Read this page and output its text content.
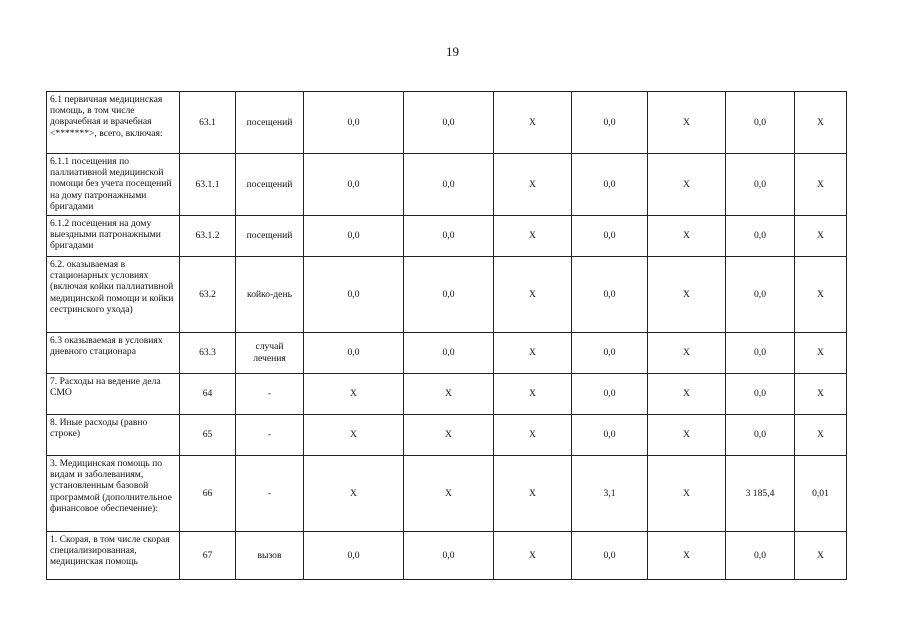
19
6.1 первичная медицинская помощь, в том числе доврачебная и врачебная <*******>, всего, включая:	63.1	посещений	0,0	0,0	X	0,0	X	0,0	X
6.1.1 посещения по паллиативной медицинской помощи без учета посещений на дому патронажными бригадами	63.1.1	посещений	0,0	0,0	X	0,0	X	0,0	X
6.1.2 посещения на дому выездными патронажными бригадами	63.1.2	посещений	0,0	0,0	X	0,0	X	0,0	X
6.2. оказываемая в стационарных условиях (включая койки паллиативной медицинской помощи и койки сестринского ухода)	63.2	койко-день	0,0	0,0	X	0,0	X	0,0	X
6.3 оказываемая в условиях дневного стационара	63.3	случай лечения	0,0	0,0	X	0,0	X	0,0	X
7. Расходы на ведение дела СМО	64	-	X	X	X	0,0	X	0,0	X
8. Иные расходы (равно строке)	65	-	X	X	X	0,0	X	0,0	X
3. Медицинская помощь по видам и заболеваниям, установленным базовой программой (дополнительное финансовое обеспечение):	66	-	X	X	X	3,1	X	3 185,4	0,01
1. Скорая, в том числе скорая специализированная, медицинская помощь	67	вызов	0,0	0,0	X	0,0	X	0,0	X
